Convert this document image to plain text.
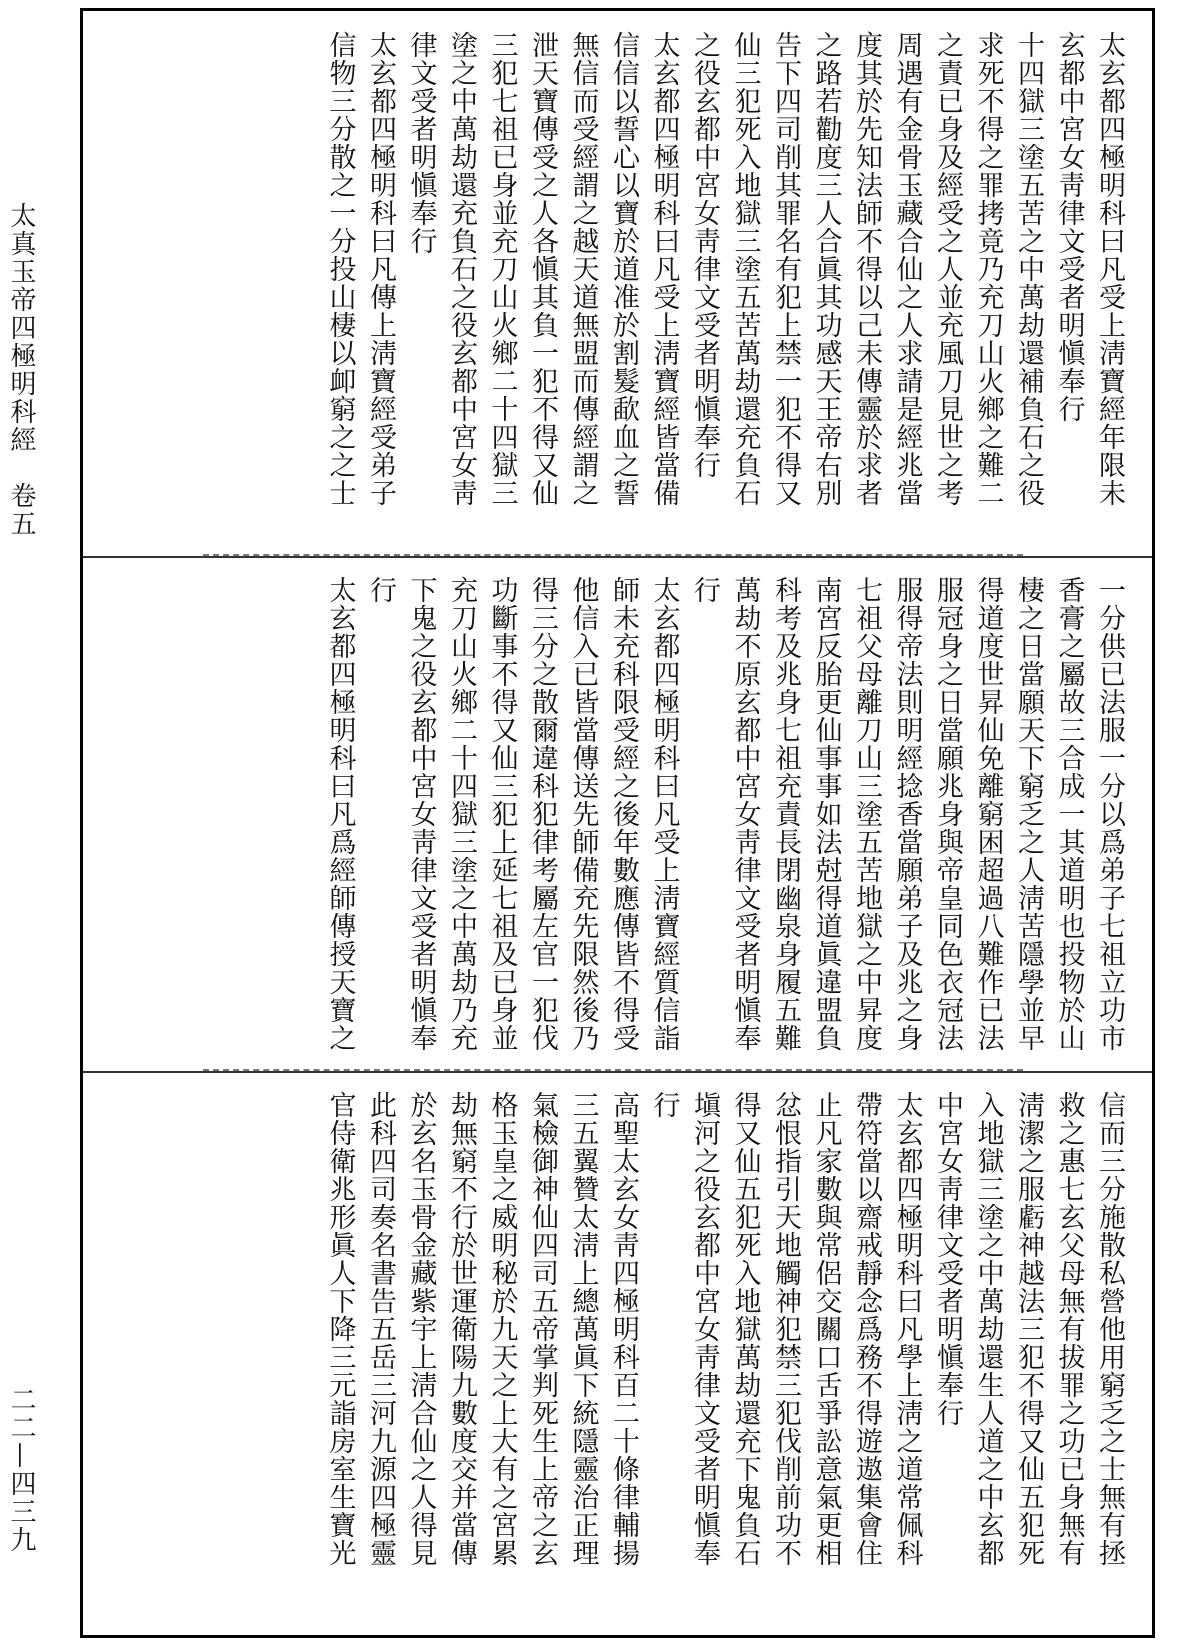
太真玉帝四極明科經　卷五
二二—四三九
太玄都四極明科曰凡受上淸寶經年限未
玄都中宮女靑律文受者明愼奉行
十四獄三塗五苦之中萬劫還補負石之役
求死不得之罪拷竟乃充刀山火鄉之難二
之責已身及經受之人並充風刀見世之考
周遇有金骨玉藏合仙之人求請是經兆當
度其於先知法師不得以己未傳靈於求者
之路若勸度三人合眞其功感天王帝右別
告下四司削其罪名有犯上禁一犯不得又
仙三犯死入地獄三塗五苦萬劫還充負石
之役玄都中宮女靑律文受者明愼奉行
太玄都四極明科曰凡受上淸寶經皆當備
信信以誓心以寶於道准於割髮歃血之誓
無信而受經謂之越天道無盟而傳經謂之
泄天寶傳受之人各愼其負一犯不得又仙
三犯七祖已身並充刀山火鄉二十四獄三
塗之中萬劫還充負石之役玄都中宮女靑
律文受者明愼奉行
太玄都四極明科曰凡傳上淸寶經受弟子
信物三分散之一分投山棲以卹窮之之士
一分供已法服一分以爲弟子七祖立功市
香膏之屬故三合成一其道明也投物於山
棲之日當願天下窮乏之人淸苦隱學並早
得道度世昇仙免離窮困超過八難作已法
服冠身之日當願兆身與帝皇同色衣冠法
服得帝法則明經捻香當願弟子及兆之身
七祖父母離刀山三塗五苦地獄之中昇度
南宮反胎更仙事事如法尅得道眞違盟負
科考及兆身七祖充責長閉幽泉身履五難
萬劫不原玄都中宮女靑律文受者明愼奉
行
太玄都四極明科曰凡受上淸寶經質信詣
師未充科限受經之後年數應傳皆不得受
他信入已皆當傳送先師備充先限然後乃
得三分之散爾違科犯律考屬左官一犯伐
功斷事不得又仙三犯上延七祖及已身並
充刀山火鄉二十四獄三塗之中萬劫乃充
下鬼之役玄都中宮女靑律文受者明愼奉
行
太玄都四極明科曰凡爲經師傳授天寶之
信而三分施散私營他用窮乏之士無有拯
救之惠七玄父母無有拔罪之功已身無有
淸潔之服虧神越法三犯不得又仙五犯死
入地獄三塗之中萬劫還生人道之中玄都
中宮女靑律文受者明愼奉行
太玄都四極明科曰凡學上淸之道常佩科
帶符當以齋戒靜念爲務不得遊遨集會住
止凡家數與常侶交關口舌爭訟意氣更相
忿恨指引天地觸神犯禁三犯伐削前功不
得又仙五犯死入地獄萬劫還充下鬼負石
塡河之役玄都中宮女靑律文受者明愼奉
行
高聖太玄女靑四極明科百二十條律輔揚
三五翼贊太淸上總萬眞下統隱靈治正理
氣檢御神仙四司五帝掌判死生上帝之玄
格玉皇之威明秘於九天之上大有之宮累
劫無窮不行於世運衛陽九數度交并當傳
於玄名玉骨金藏紫宇上淸合仙之人得見
此科四司奏名書告五岳三河九源四極靈
官侍衛兆形眞人下降三元詣房室生寶光
